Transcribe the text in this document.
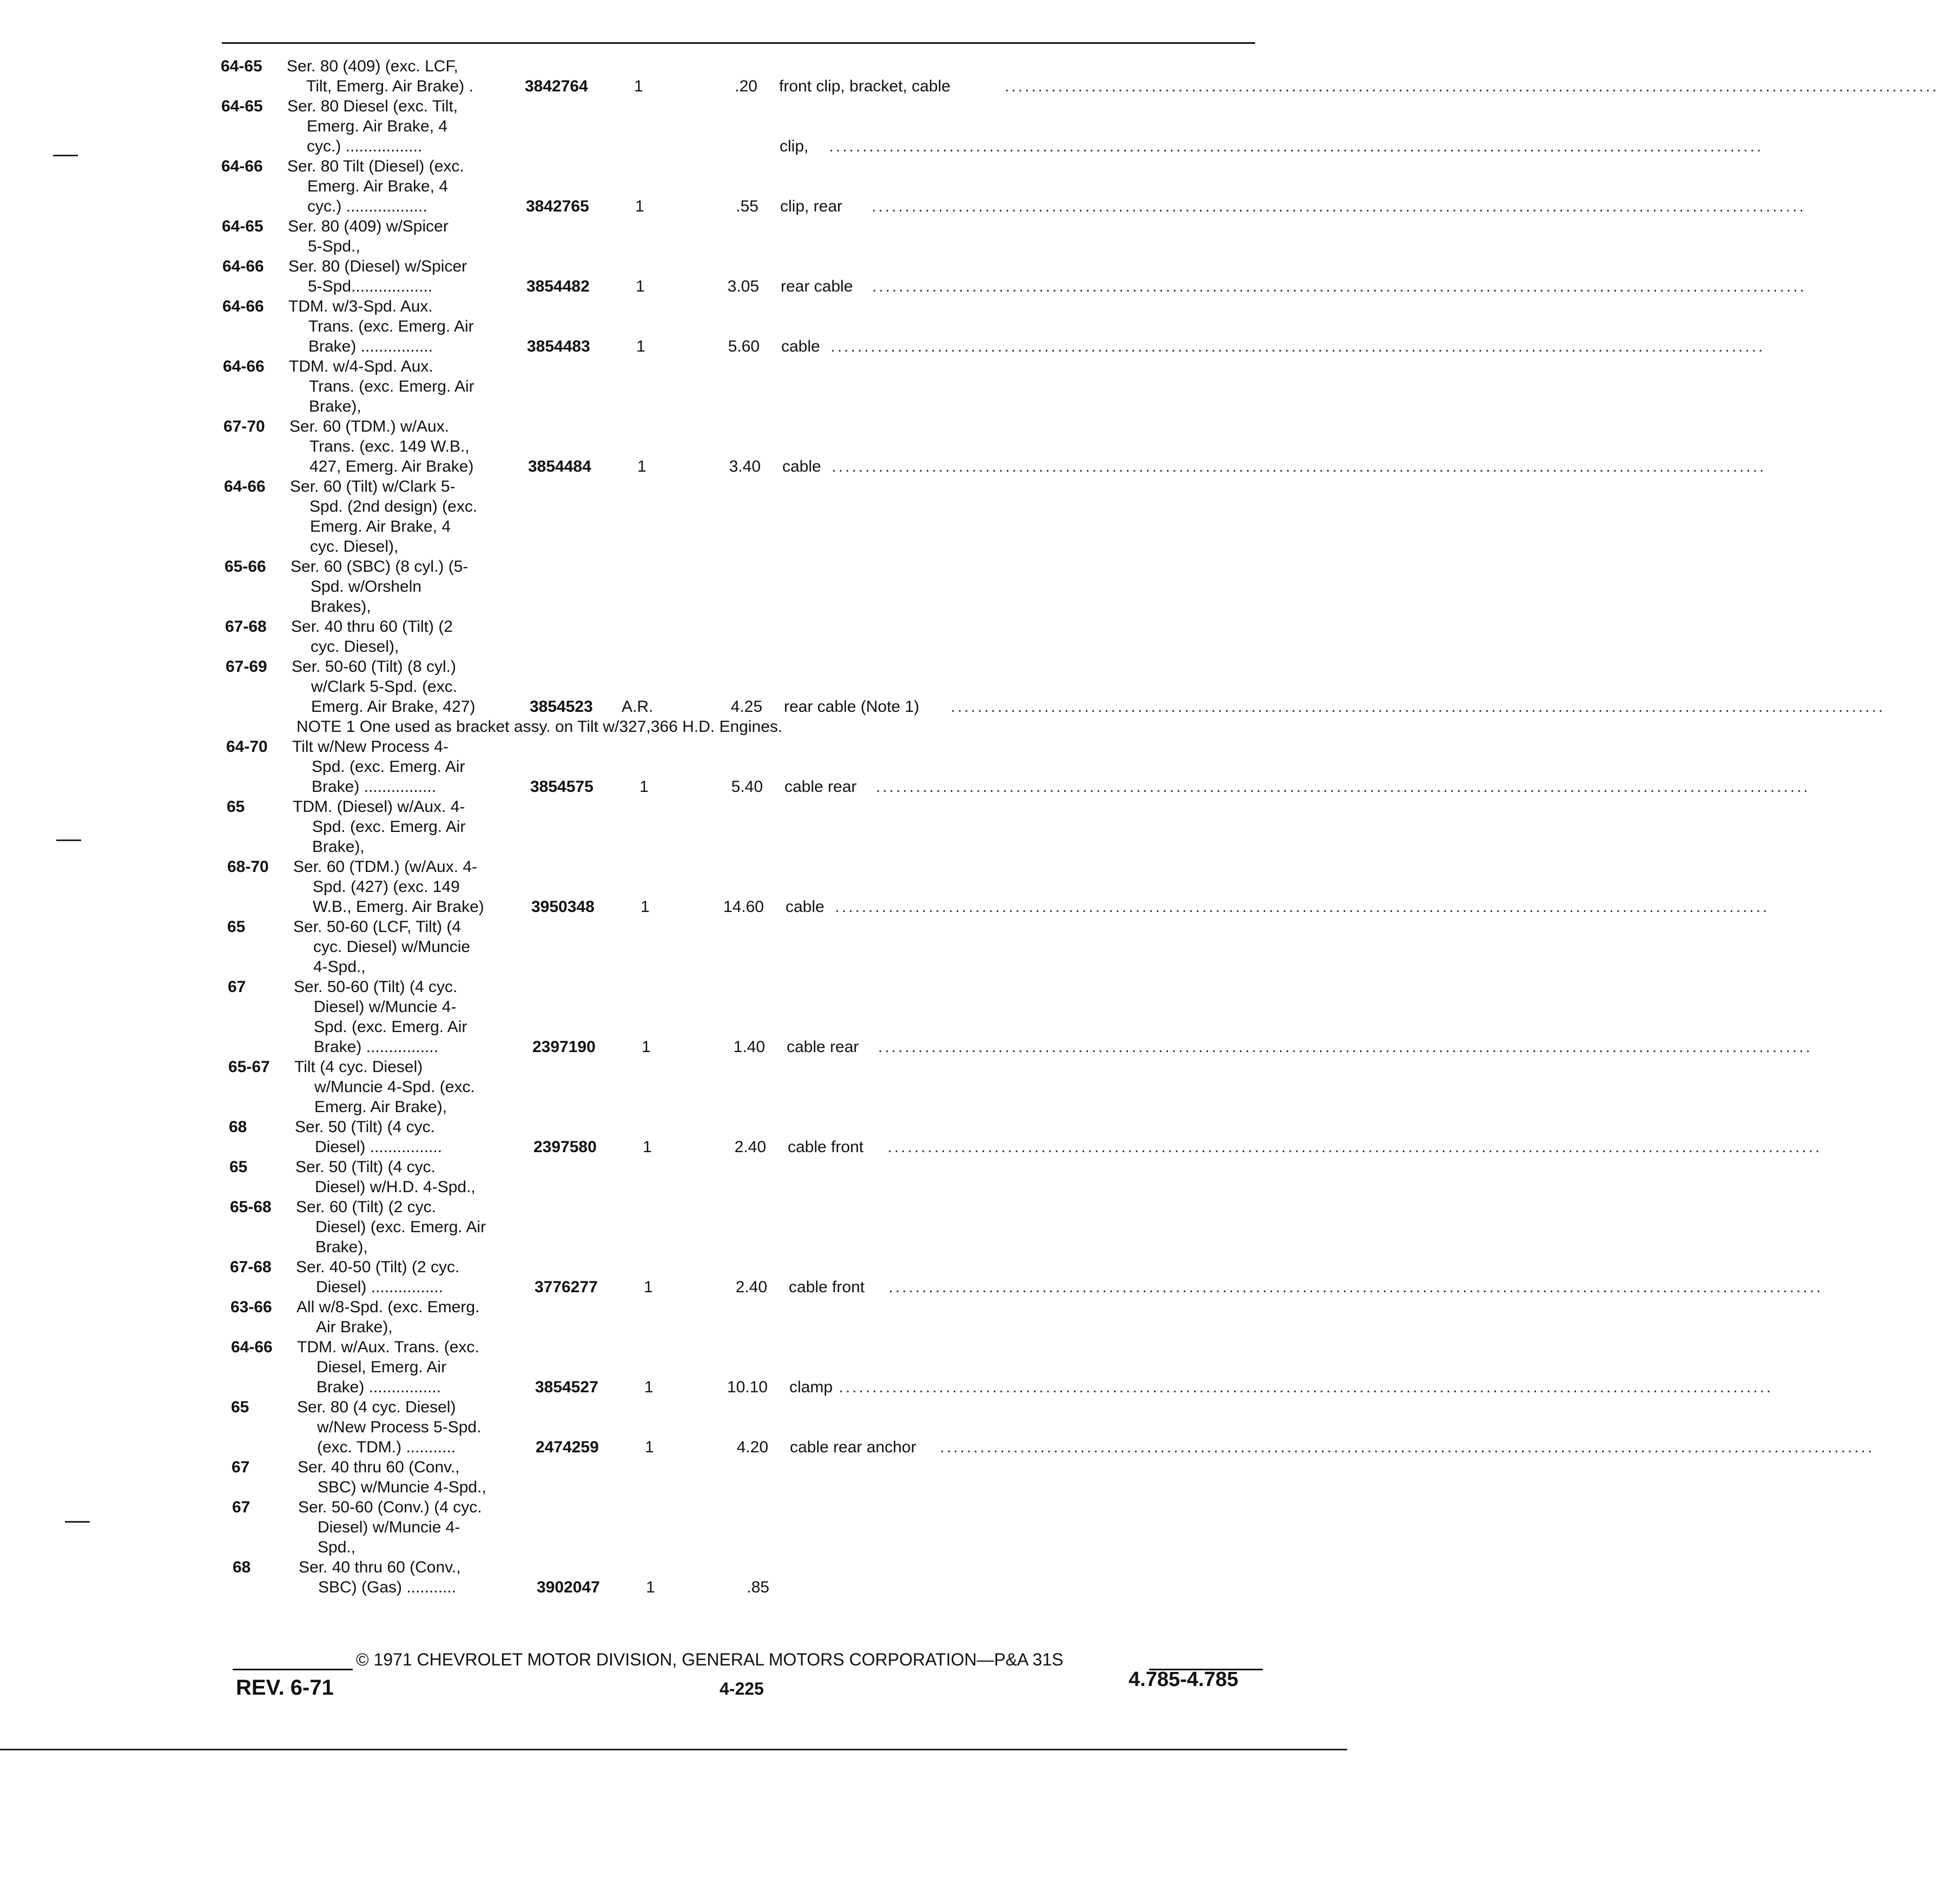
64-65 Ser. 80 (409) (exc. LCF,
Tilt, Emerg. Air Brake) .	3842764	1	.20 front clip, bracket, cable	............................................................................................................................................
64-65 Ser. 80 Diesel (exc. Tilt,
Emerg. Air Brake, 4
cyc.) .................	clip, ............................................................................................................................................
64-66 Ser. 80 Tilt (Diesel) (exc.
Emerg. Air Brake, 4
cyc.) ..................	3842765	1	.55 clip, rear ............................................................................................................................................
64-65 Ser. 80 (409) w/Spicer
5-Spd.,
64-66 Ser. 80 (Diesel) w/Spicer
5-Spd..................	3854482	1	3.05 rear cable ............................................................................................................................................
64-66 TDM. w/3-Spd. Aux.
Trans. (exc. Emerg. Air
Brake) ................	3854483	1	5.60 cable ............................................................................................................................................
64-66 TDM. w/4-Spd. Aux.
Trans. (exc. Emerg. Air
Brake),
67-70 Ser. 60 (TDM.) w/Aux.
Trans. (exc. 149 W.B.,
427, Emerg. Air Brake)	3854484	1	3.40 cable ............................................................................................................................................
64-66 Ser. 60 (Tilt) w/Clark 5-
Spd. (2nd design) (exc.
Emerg. Air Brake, 4
cyc. Diesel),
65-66 Ser. 60 (SBC) (8 cyl.) (5-
Spd. w/Orsheln
Brakes),
67-68 Ser. 40 thru 60 (Tilt) (2
cyc. Diesel),
67-69 Ser. 50-60 (Tilt) (8 cyl.)
w/Clark 5-Spd. (exc.
Emerg. Air Brake, 427)	3854523 A.R.	4.25 rear cable (Note 1) ............................................................................................................................................
NOTE 1 One used as bracket assy. on Tilt w/327,366 H.D. Engines.
64-70 Tilt w/New Process 4-
Spd. (exc. Emerg. Air
Brake) ................	3854575	1	5.40 cable rear ............................................................................................................................................
65	TDM. (Diesel) w/Aux. 4-
Spd. (exc. Emerg. Air
Brake),
68-70 Ser. 60 (TDM.) (w/Aux. 4-
Spd. (427) (exc. 149
W.B., Emerg. Air Brake)	3950348	1	14.60 cable ............................................................................................................................................
65	Ser. 50-60 (LCF, Tilt) (4
cyc. Diesel) w/Muncie
4-Spd.,
67	Ser. 50-60 (Tilt) (4 cyc.
Diesel) w/Muncie 4-
Spd. (exc. Emerg. Air
Brake) ................	2397190	1	1.40 cable rear ............................................................................................................................................
65-67 Tilt (4 cyc. Diesel)
w/Muncie 4-Spd. (exc.
Emerg. Air Brake),
68	Ser. 50 (Tilt) (4 cyc.
Diesel) ................	2397580	1	2.40 cable front ............................................................................................................................................
65	Ser. 50 (Tilt) (4 cyc.
Diesel) w/H.D. 4-Spd.,
65-68 Ser. 60 (Tilt) (2 cyc.
Diesel) (exc. Emerg. Air
Brake),
67-68 Ser. 40-50 (Tilt) (2 cyc.
Diesel) ................	3776277	1	2.40 cable front ............................................................................................................................................
63-66 All w/8-Spd. (exc. Emerg.
Air Brake),
64-66 TDM. w/Aux. Trans. (exc.
Diesel, Emerg. Air
Brake) ................	3854527	1	10.10 clamp ............................................................................................................................................
65	Ser. 80 (4 cyc. Diesel)
w/New Process 5-Spd.
(exc. TDM.) ...........	2474259	1	4.20 cable rear anchor ............................................................................................................................................
67	Ser. 40 thru 60 (Conv.,
SBC) w/Muncie 4-Spd.,
67	Ser. 50-60 (Conv.) (4 cyc.
Diesel) w/Muncie 4-
Spd.,
68	Ser. 40 thru 60 (Conv.,
SBC) (Gas) ...........	3902047	1	.85
© 1971 CHEVROLET MOTOR DIVISION, GENERAL MOTORS CORPORATION—P&A 31S
REV. 6-71	4-225	4.785-4.785
